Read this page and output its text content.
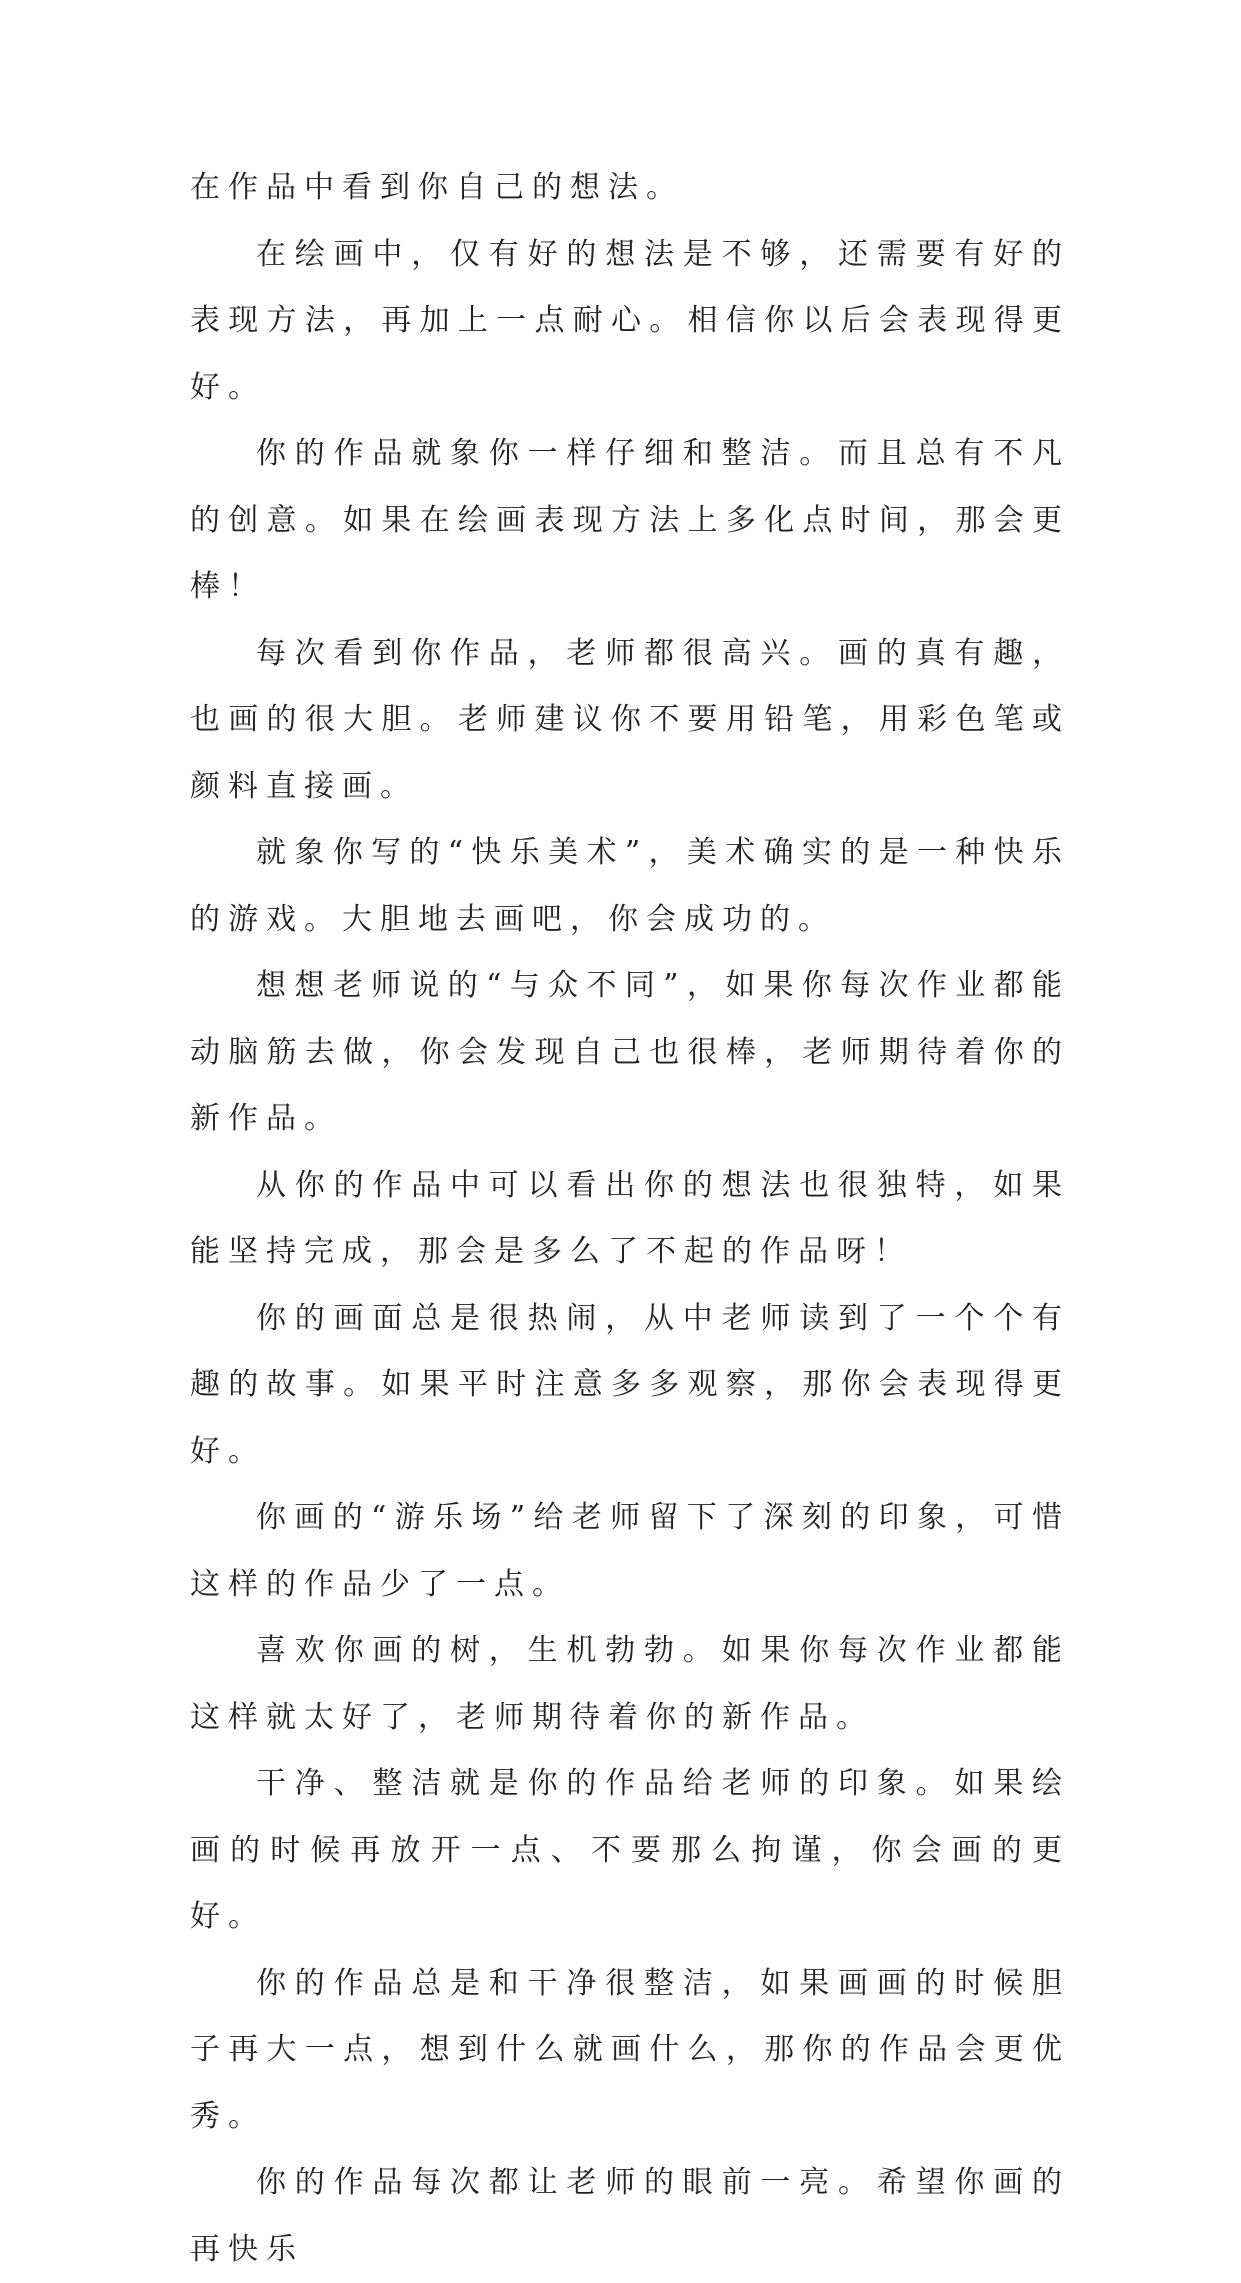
在作品中看到你自己的想法。

在绘画中，仅有好的想法是不够，还需要有好的表现方法，再加上一点耐心。相信你以后会表现得更好。

你的作品就象你一样仔细和整洁。而且总有不凡的创意。如果在绘画表现方法上多化点时间，那会更棒！

每次看到你作品，老师都很高兴。画的真有趣，也画的很大胆。老师建议你不要用铅笔，用彩色笔或颜料直接画。

就象你写的“快乐美术”，美术确实的是一种快乐的游戏。大胆地去画吧，你会成功的。

想想老师说的“与众不同”，如果你每次作业都能动脑筋去做，你会发现自己也很棒，老师期待着你的新作品。

从你的作品中可以看出你的想法也很独特，如果能坚持完成，那会是多么了不起的作品呀！

你的画面总是很热闹，从中老师读到了一个个有趣的故事。如果平时注意多多观察，那你会表现得更好。

你画的“游乐场”给老师留下了深刻的印象，可惜这样的作品少了一点。

喜欢你画的树，生机勃勃。如果你每次作业都能这样就太好了，老师期待着你的新作品。

干净、整洁就是你的作品给老师的印象。如果绘画的时候再放开一点、不要那么拘谨，你会画的更好。

你的作品总是和干净很整洁，如果画画的时候胆子再大一点，想到什么就画什么，那你的作品会更优秀。

你的作品每次都让老师的眼前一亮。希望你画的再快乐
